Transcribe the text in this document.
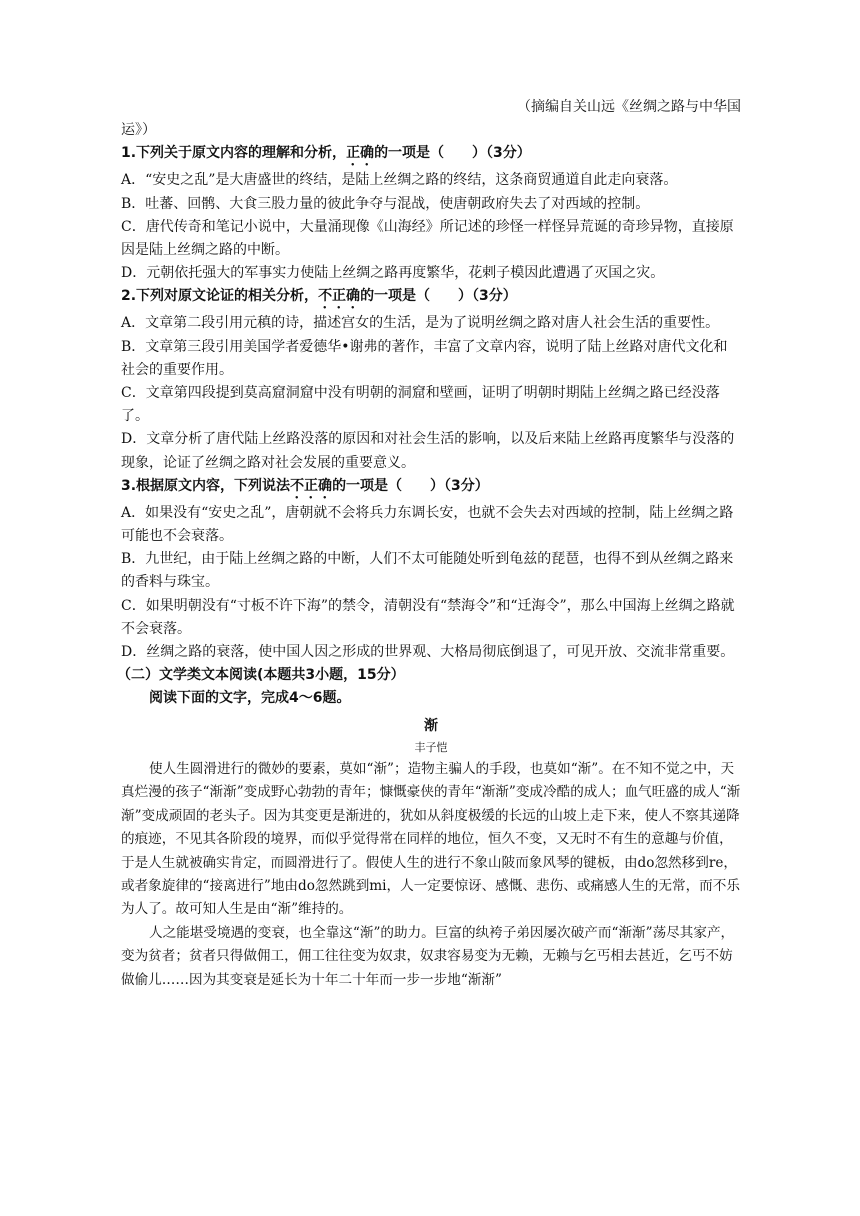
（摘编自关山远《丝绸之路与中华国

运》）

1.下列关于原文内容的理解和分析，正确的一项是（　　）（3分）

A．“安史之乱”是大唐盛世的终结，是陆上丝绸之路的终结，这条商贸通道自此走向衰落。

B．吐蕃、回鹘、大食三股力量的彼此争夺与混战，使唐朝政府失去了对西域的控制。

C．唐代传奇和笔记小说中，大量涌现像《山海经》所记述的珍怪一样怪异荒诞的奇珍异物，直接原因是陆上丝绸之路的中断。

D．元朝依托强大的军事实力使陆上丝绸之路再度繁华，花剌子模因此遭遇了灭国之灾。

2.下列对原文论证的相关分析，不正确的一项是（　　）（3分）

A．文章第二段引用元稹的诗，描述宫女的生活，是为了说明丝绸之路对唐人社会生活的重要性。

B．文章第三段引用美国学者爱德华•谢弗的著作，丰富了文章内容，说明了陆上丝路对唐代文化和社会的重要作用。

C．文章第四段提到莫高窟洞窟中没有明朝的洞窟和壁画，证明了明朝时期陆上丝绸之路已经没落了。

D．文章分析了唐代陆上丝路没落的原因和对社会生活的影响，以及后来陆上丝路再度繁华与没落的现象，论证了丝绸之路对社会发展的重要意义。

3.根据原文内容，下列说法不正确的一项是（　　）（3分）

A．如果没有“安史之乱”，唐朝就不会将兵力东调长安，也就不会失去对西域的控制，陆上丝绸之路可能也不会衰落。

B．九世纪，由于陆上丝绸之路的中断，人们不太可能随处听到龟兹的琵琶，也得不到从丝绸之路来的香料与珠宝。

C．如果明朝没有“寸板不许下海”的禁令，清朝没有“禁海令”和“迁海令”，那么中国海上丝绸之路就不会衰落。

D．丝绸之路的衰落，使中国人因之形成的世界观、大格局彻底倒退了，可见开放、交流非常重要。

（二）文学类文本阅读(本题共3小题，15分）

阅读下面的文字，完成4～6题。

渐

丰子恺

使人生圆滑进行的微妙的要素，莫如“渐”；造物主骗人的手段，也莫如“渐”。在不知不觉之中，天真烂漫的孩子“渐渐”变成野心勃勃的青年；慷慨豪侠的青年“渐渐”变成冷酷的成人；血气旺盛的成人“渐渐”变成顽固的老头子。因为其变更是渐进的，犹如从斜度极缓的长远的山坡上走下来，使人不察其递降的痕迹，不见其各阶段的境界，而似乎觉得常在同样的地位，恒久不变，又无时不有生的意趣与价值，于是人生就被确实肯定，而圆滑进行了。假使人生的进行不象山陂而象风琴的键板，由do忽然移到re，或者象旋律的“接离进行”地由do忽然跳到mi，人一定要惊讶、感慨、悲伤、或痛感人生的无常，而不乐为人了。故可知人生是由“渐”维持的。

人之能堪受境遇的变衰，也全靠这“渐”的助力。巨富的纨袴子弟因屡次破产而“渐渐”荡尽其家产，变为贫者；贫者只得做佣工，佣工往往变为奴隶，奴隶容易变为无赖，无赖与乞丐相去甚近，乞丐不妨做偷儿……因为其变衰是延长为十年二十年而一步一步地“渐渐”
